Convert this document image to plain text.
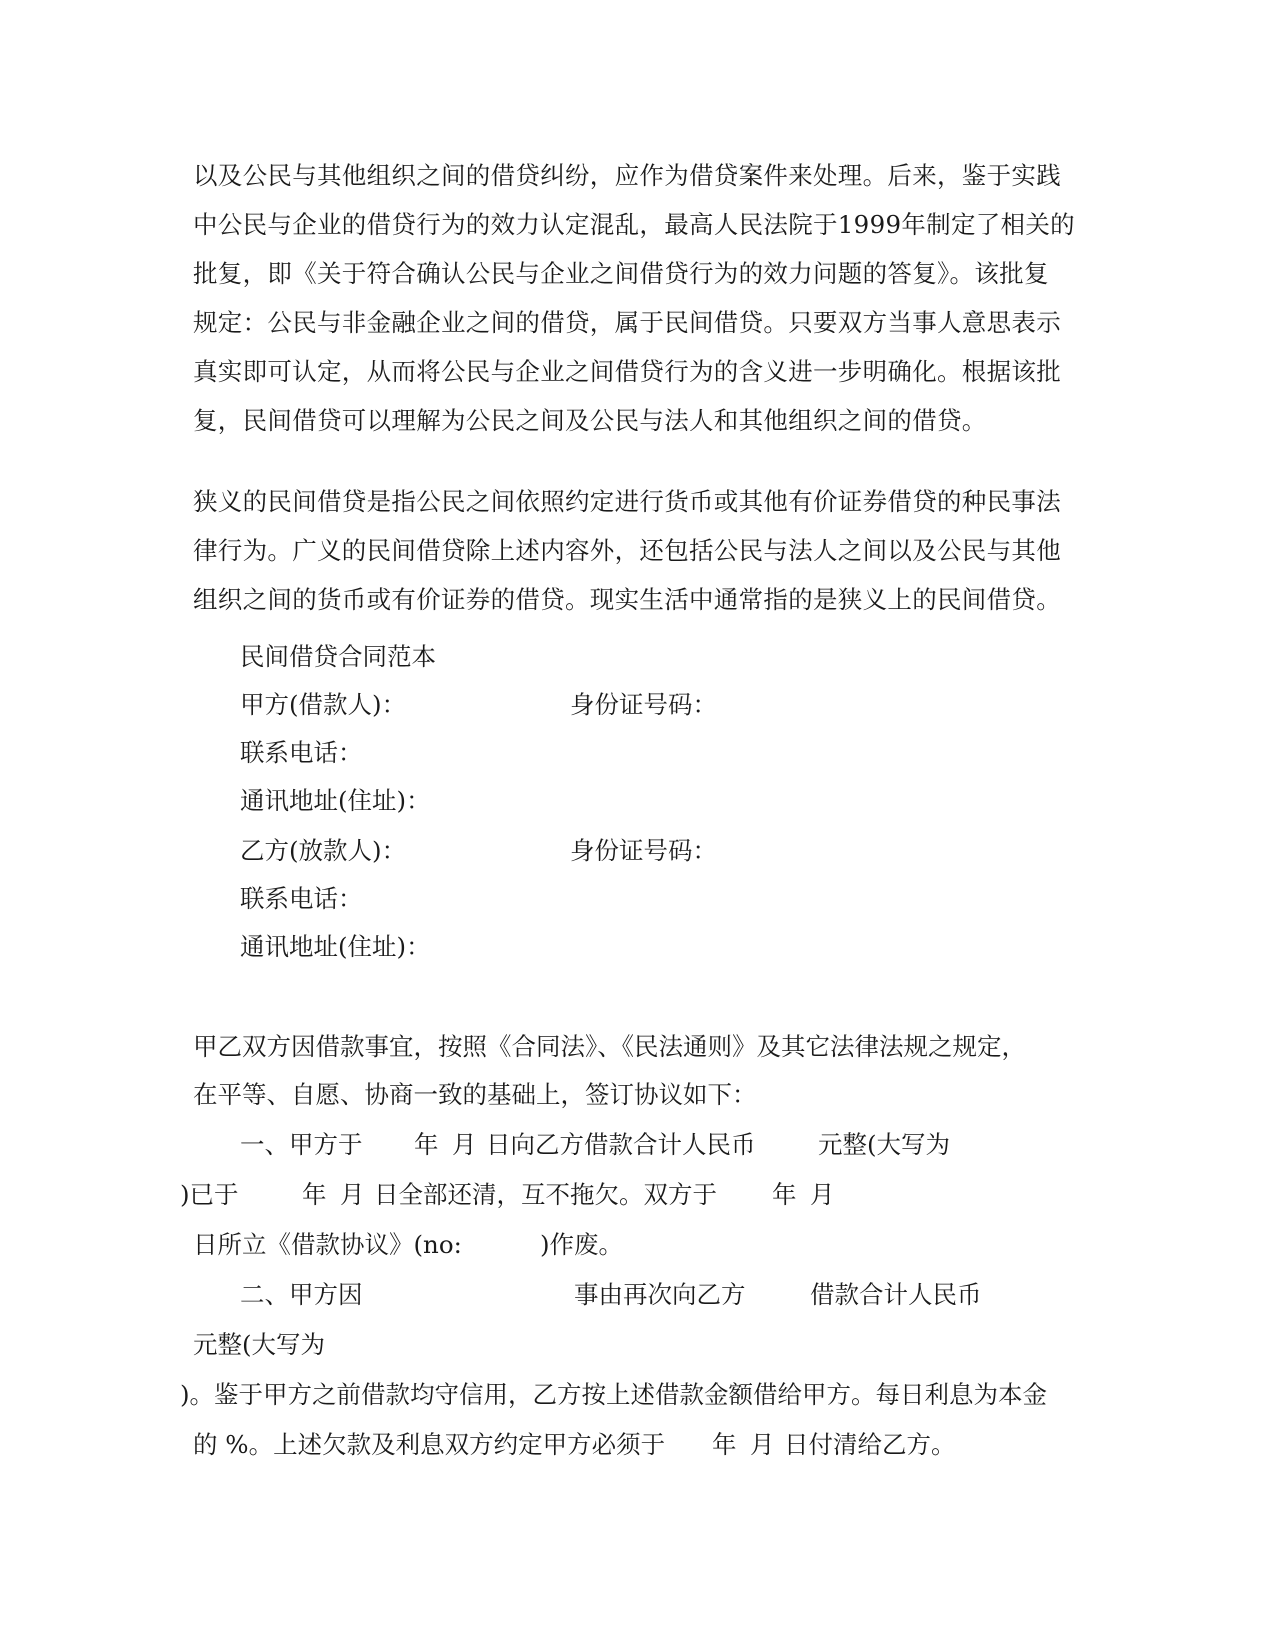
以及公民与其他组织之间的借贷纠纷，应作为借贷案件来处理。后来，鉴于实践
中公民与企业的借贷行为的效力认定混乱，最高人民法院于1999年制定了相关的
批复，即《关于符合确认公民与企业之间借贷行为的效力问题的答复》。该批复
规定：公民与非金融企业之间的借贷，属于民间借贷。只要双方当事人意思表示
真实即可认定，从而将公民与企业之间借贷行为的含义进一步明确化。根据该批
复，民间借贷可以理解为公民之间及公民与法人和其他组织之间的借贷。
狭义的民间借贷是指公民之间依照约定进行货币或其他有价证券借贷的种民事法
律行为。广义的民间借贷除上述内容外，还包括公民与法人之间以及公民与其他
组织之间的货币或有价证券的借贷。现实生活中通常指的是狭义上的民间借贷。
民间借贷合同范本
甲方(借款人)：	身份证号码：
联系电话：
通讯地址(住址)：
乙方(放款人)：	身份证号码：
联系电话：
通讯地址(住址)：
甲乙双方因借款事宜，按照《合同法》、《民法通则》及其它法律法规之规定，
在平等、自愿、协商一致的基础上，签订协议如下：
一、甲方于 年 月 日向乙方借款合计人民币	元整(大写为
)已于	年 月 日全部还清，互不拖欠。双方于 年 月
日所立《借款协议》(no:	)作废。
二、甲方因	事由再次向乙方	借款合计人民币
元整(大写为
)。鉴于甲方之前借款均守信用，乙方按上述借款金额借给甲方。每日利息为本金
的 %。上述欠款及利息双方约定甲方必须于 年 月 日付清给乙方。
